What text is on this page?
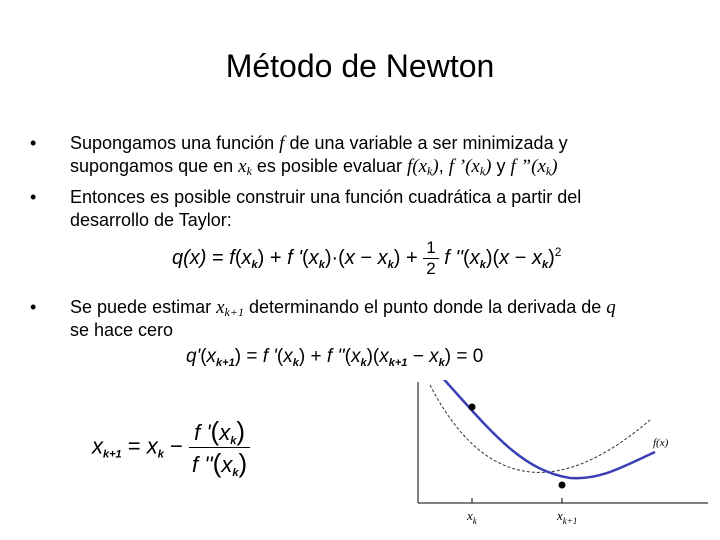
Método de Newton
• Supongamos una función f de una variable a ser minimizada y
supongamos que en $x_k$ es posible evaluar $f(x_k)$, f $’(x_k)$ y f $”(x_k)$
• Entonces es posible construir una función cuadrática a partir del
desarrollo de Taylor:
$q(x) = f(x_k) + f$ '$(x_k)\cdot(x - x_k) + \frac{1}{2}$ f ''$(x_k)(x - x_k)^2$
• Se puede estimar $x_{k+1}$ determinando el punto donde la derivada de q
se hace cero
$q'(x_{k+1}) = f$ '$(x_k) + f$ ''$(x_k)(x_{k+1} - x_k) = 0$
$x_{k+1} = x_k - \frac{f '(x_k)}{f ''(x_k)}$	f(x)
$x_k$	$x_{k+1}$
